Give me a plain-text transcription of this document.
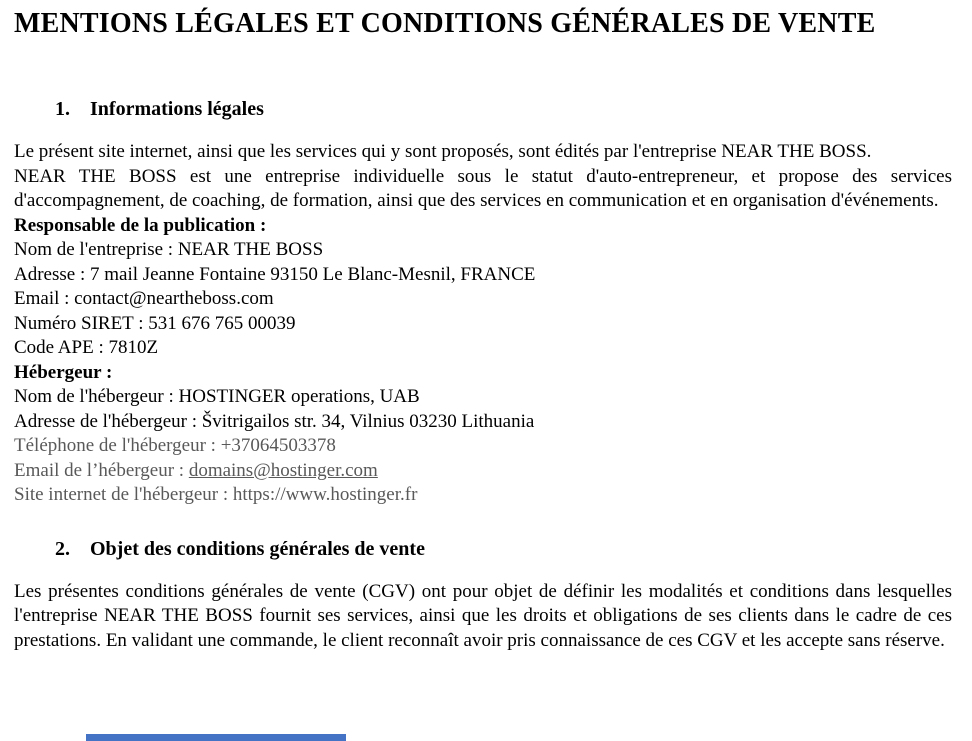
MENTIONS LÉGALES ET CONDITIONS GÉNÉRALES DE VENTE
1. Informations légales

Le présent site internet, ainsi que les services qui y sont proposés, sont édités par l'entreprise NEAR THE BOSS.

NEAR THE BOSS est une entreprise individuelle sous le statut d'auto-entrepreneur, et propose des services d'accompagnement, de coaching, de formation, ainsi que des services en communication et en organisation d'événements.

Responsable de la publication :
Nom de l'entreprise : NEAR THE BOSS
Adresse : 7 mail Jeanne Fontaine 93150 Le Blanc-Mesnil, FRANCE
Email : contact@neartheboss.com
Numéro SIRET : 531 676 765 00039
Code APE : 7810Z
Hébergeur :
Nom de l'hébergeur : HOSTINGER operations, UAB
Adresse de l'hébergeur : Švitrigailos str. 34, Vilnius 03230 Lithuania
Téléphone de l'hébergeur : +37064503378
Email de l’hébergeur : domains@hostinger.com
Site internet de l'hébergeur : https://www.hostinger.fr
2. Objet des conditions générales de vente

Les présentes conditions générales de vente (CGV) ont pour objet de définir les modalités et conditions dans lesquelles l'entreprise NEAR THE BOSS fournit ses services, ainsi que les droits et obligations de ses clients dans le cadre de ces prestations. En validant une commande, le client reconnaît avoir pris connaissance de ces CGV et les accepte sans réserve.
